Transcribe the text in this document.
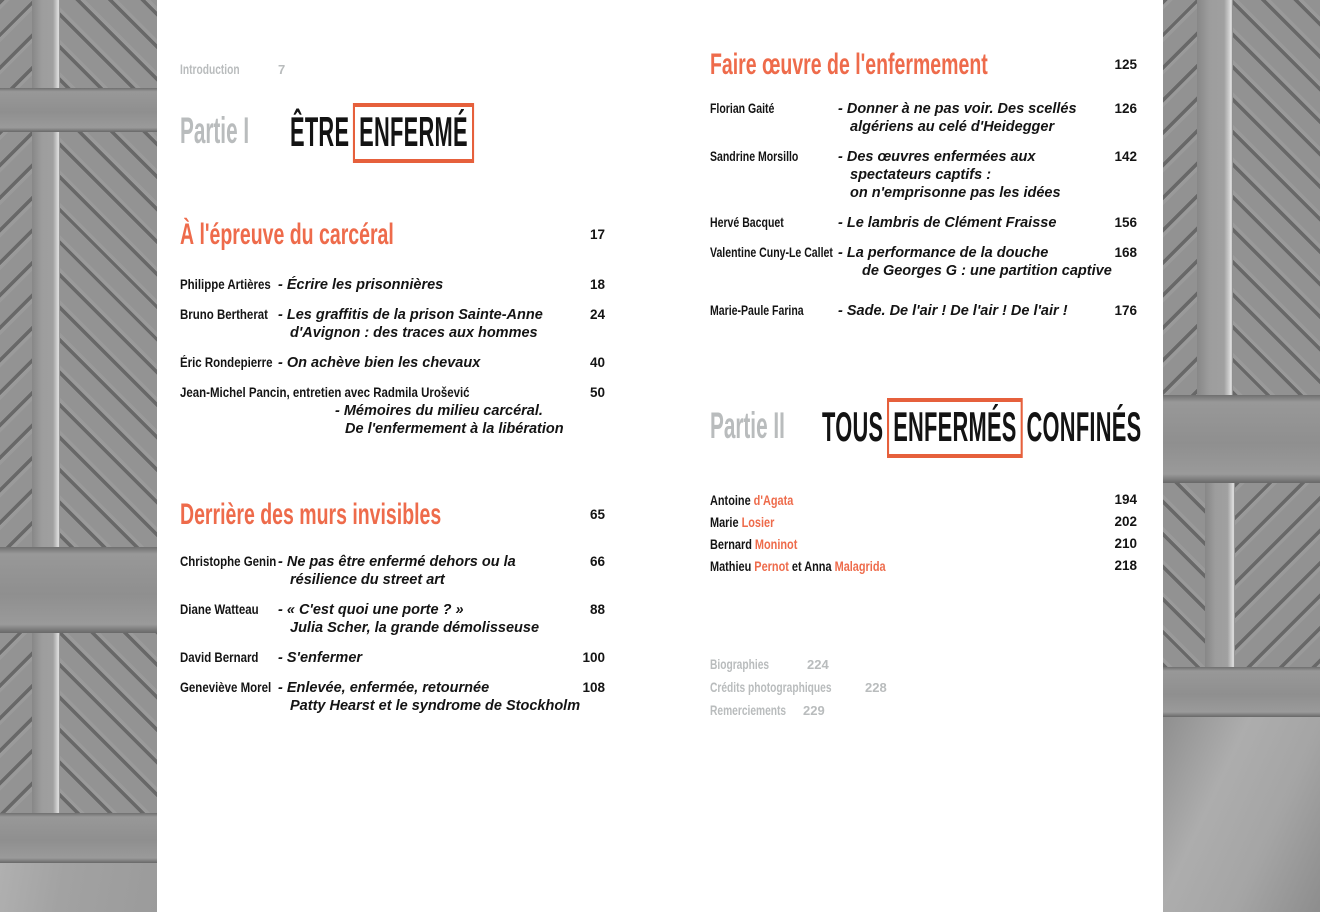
Introduction	7
Partie I ÊTRE ENFERMÉ
À l'épreuve du carcéral	17
Philippe Artières - Écrire les prisonnières	18
Bruno Bertherat - Les graffitis de la prison Sainte-Anne
d'Avignon : des traces aux hommes
24
Éric Rondepierre - On achève bien les chevaux	40
Jean-Michel Pancin, entretien avec Radmila Urošević
- Mémoires du milieu carcéral.
De l'enfermement à la libération
50
Derrière des murs invisibles	65
Christophe Genin - Ne pas être enfermé dehors ou la
résilience du street art
66
Diane Watteau	- « C'est quoi une porte ? »
Julia Scher, la grande démolisseuse
88
David Bernard	- S'enfermer	100
Geneviève Morel - Enlevée, enfermée, retournée
Patty Hearst et le syndrome de Stockholm
108
Faire œuvre de l'enfermement	125
Florian Gaité	- Donner à ne pas voir. Des scellés
algériens au celé d'Heidegger
126
Sandrine Morsillo	- Des œuvres enfermées aux
spectateurs captifs :
on n'emprisonne pas les idées
142
Hervé Bacquet	- Le lambris de Clément Fraisse	156
Valentine Cuny-Le Callet - La performance de la douche
de Georges G : une partition captive
168
Marie-Paule Farina	- Sade. De l'air ! De l'air ! De l'air !	176
Partie II TOUS ENFERMÉS CONFINÉS
Antoine d'Agata	194
Marie Losier	202
Bernard Moninot	210
Mathieu Pernot et Anna Malagrida	218
Biographies	224
Crédits photographiques	228
Remerciements 229
